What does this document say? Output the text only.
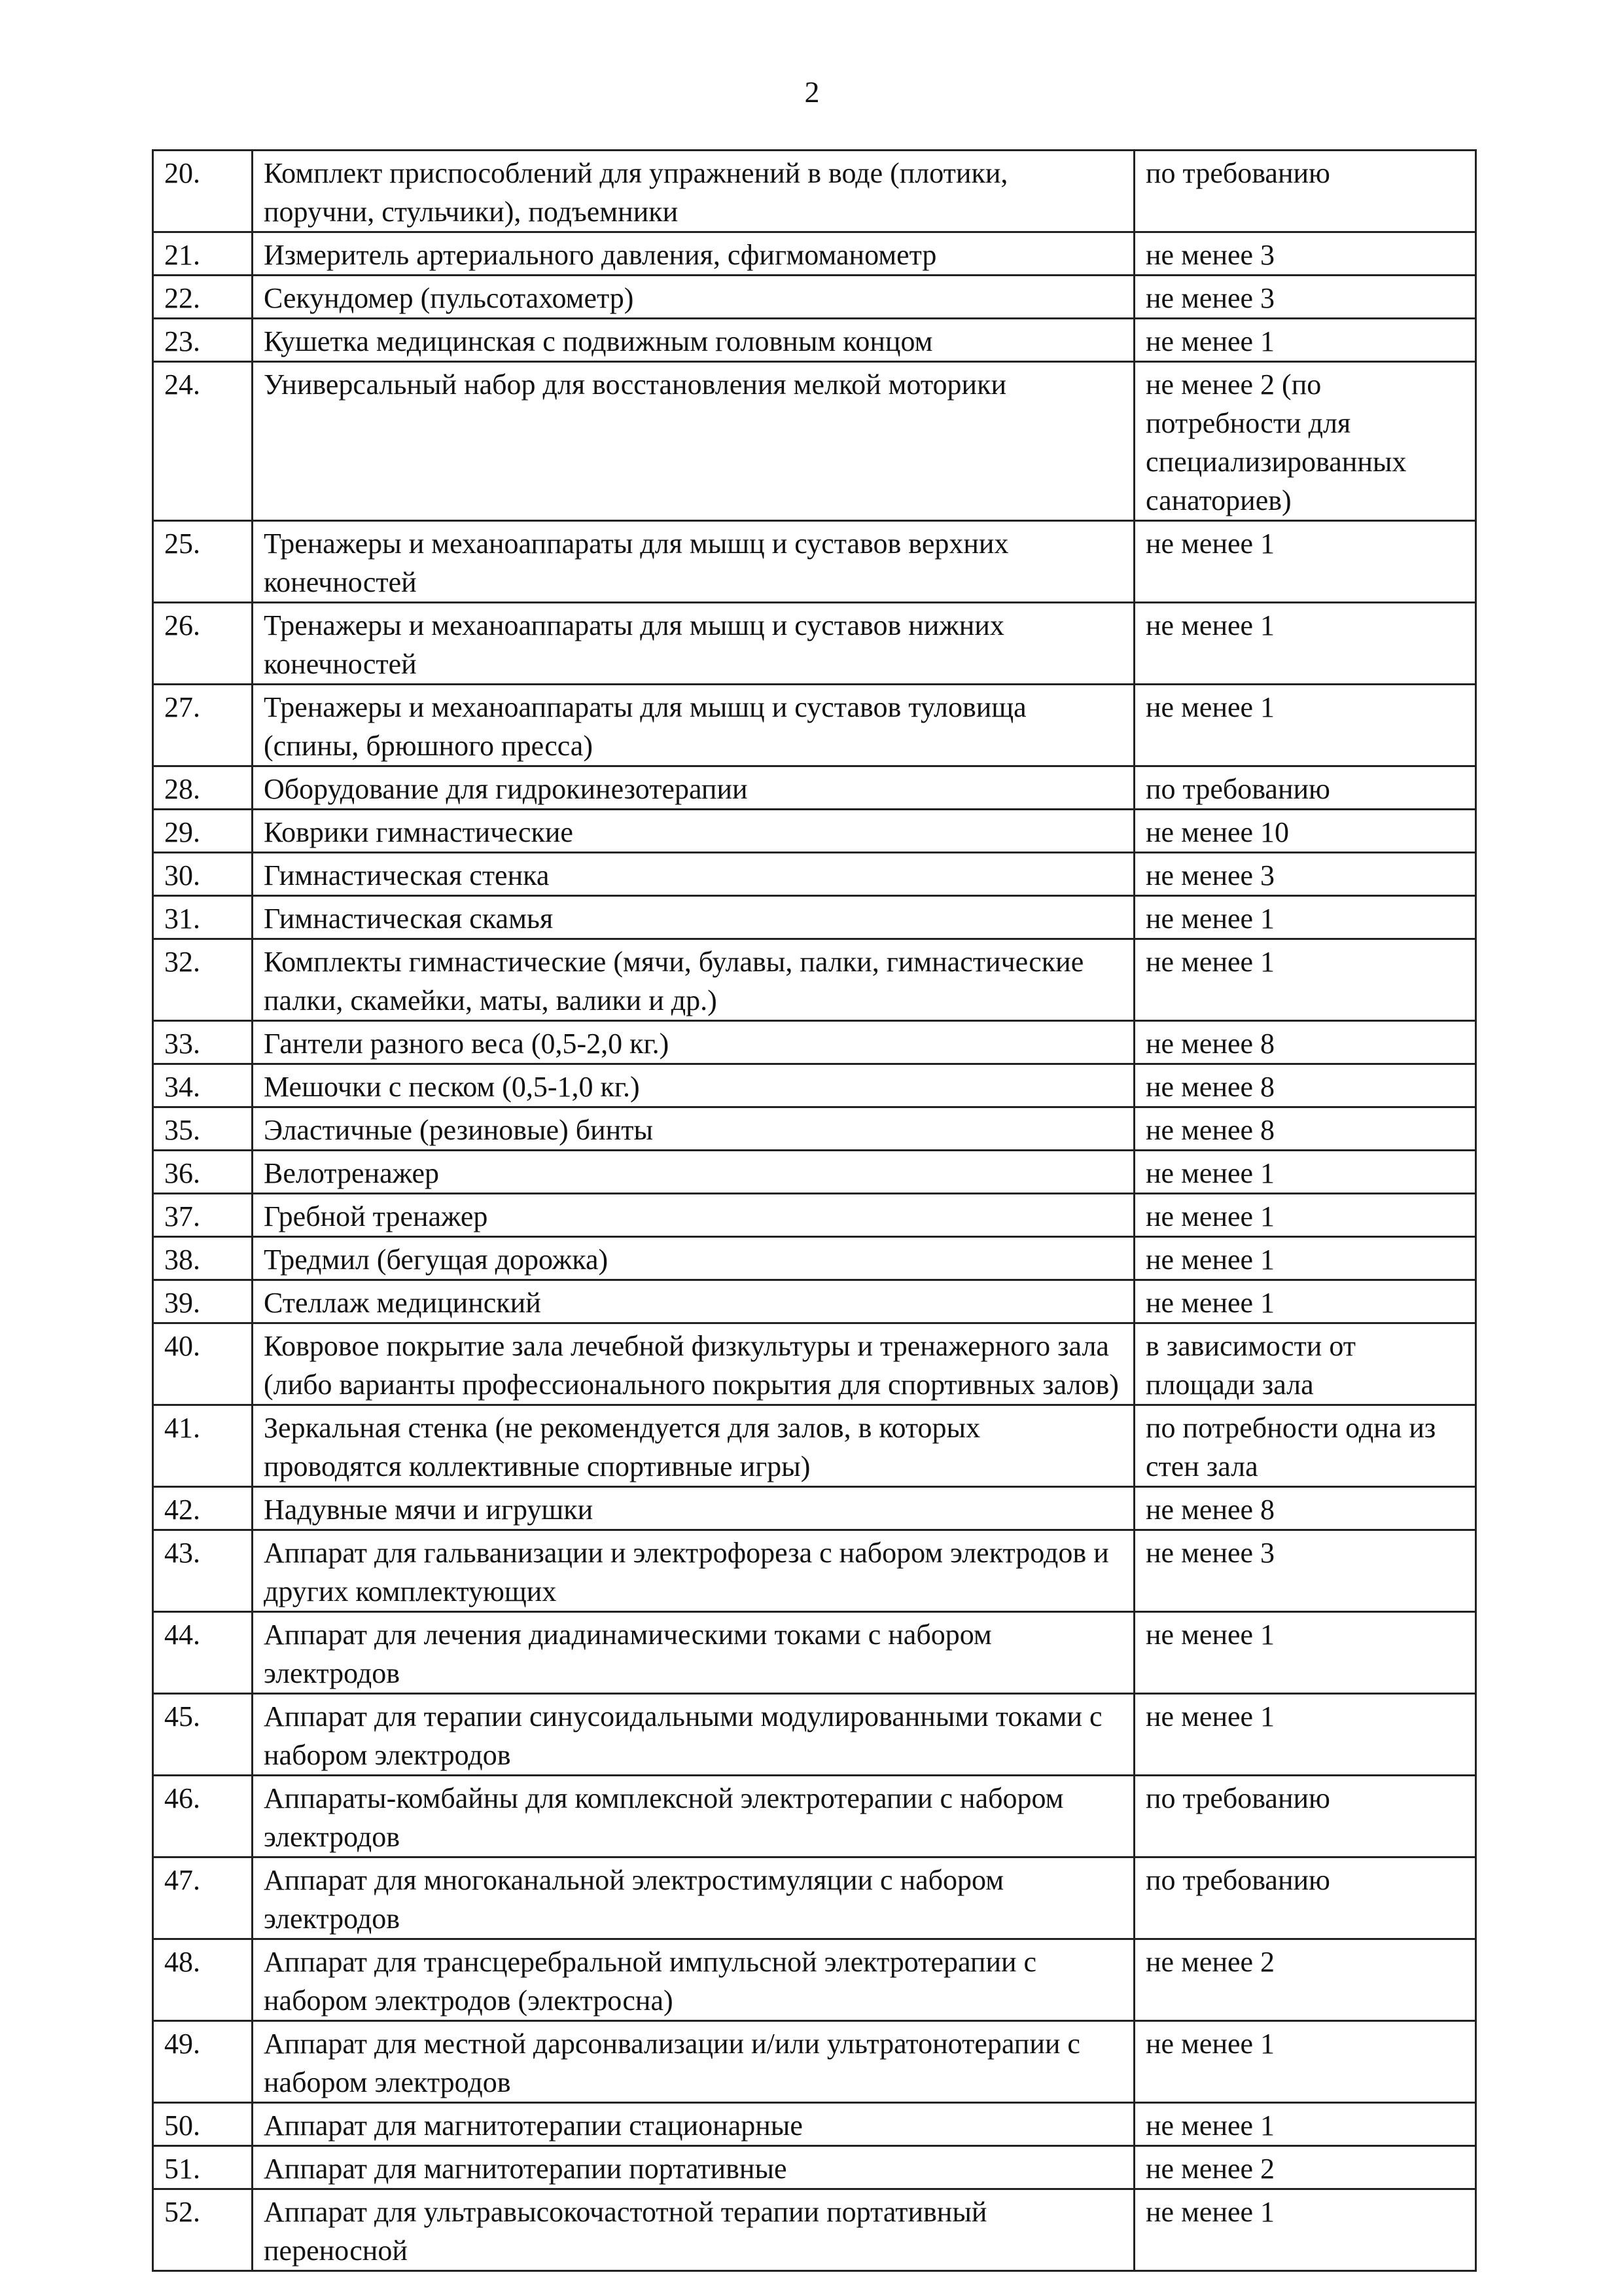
2
20.	Комплект приспособлений для упражнений в воде (плотики, поручни, стульчики), подъемники	по требованию
21.	Измеритель артериального давления, сфигмоманометр	не менее 3
22.	Секундомер (пульсотахометр)	не менее 3
23.	Кушетка медицинская с подвижным головным концом	не менее 1
24.	Универсальный набор для восстановления мелкой моторики	не менее 2 (по потребности для специализированных санаториев)
25.	Тренажеры и механоаппараты для мышц и суставов верхних конечностей	не менее 1
26.	Тренажеры и механоаппараты для мышц и суставов нижних конечностей	не менее 1
27.	Тренажеры и механоаппараты для мышц и суставов туловища (спины, брюшного пресса)	не менее 1
28.	Оборудование для гидрокинезотерапии	по требованию
29.	Коврики гимнастические	не менее 10
30.	Гимнастическая стенка	не менее 3
31.	Гимнастическая скамья	не менее 1
32.	Комплекты гимнастические (мячи, булавы, палки, гимнастические палки, скамейки, маты, валики и др.)	не менее 1
33.	Гантели разного веса (0,5-2,0 кг.)	не менее 8
34.	Мешочки с песком (0,5-1,0 кг.)	не менее 8
35.	Эластичные (резиновые) бинты	не менее 8
36.	Велотренажер	не менее 1
37.	Гребной тренажер	не менее 1
38.	Тредмил (бегущая дорожка)	не менее 1
39.	Стеллаж медицинский	не менее 1
40.	Ковровое покрытие зала лечебной физкультуры и тренажерного зала (либо варианты профессионального покрытия для спортивных залов)	в зависимости от площади зала
41.	Зеркальная стенка (не рекомендуется для залов, в которых проводятся коллективные спортивные игры)	по потребности одна из стен зала
42.	Надувные мячи и игрушки	не менее 8
43.	Аппарат для гальванизации и электрофореза с набором электродов и других комплектующих	не менее 3
44.	Аппарат для лечения диадинамическими токами с набором электродов	не менее 1
45.	Аппарат для терапии синусоидальными модулированными токами с набором электродов	не менее 1
46.	Аппараты-комбайны для комплексной электротерапии с набором электродов	по требованию
47.	Аппарат для многоканальной электростимуляции с набором электродов	по требованию
48.	Аппарат для трансцеребральной импульсной электротерапии с набором электродов (электросна)	не менее 2
49.	Аппарат для местной дарсонвализации и/или ультратонотерапии с набором электродов	не менее 1
50.	Аппарат для магнитотерапии стационарные	не менее 1
51.	Аппарат для магнитотерапии портативные	не менее 2
52.	Аппарат для ультравысокочастотной терапии портативный переносной	не менее 1
